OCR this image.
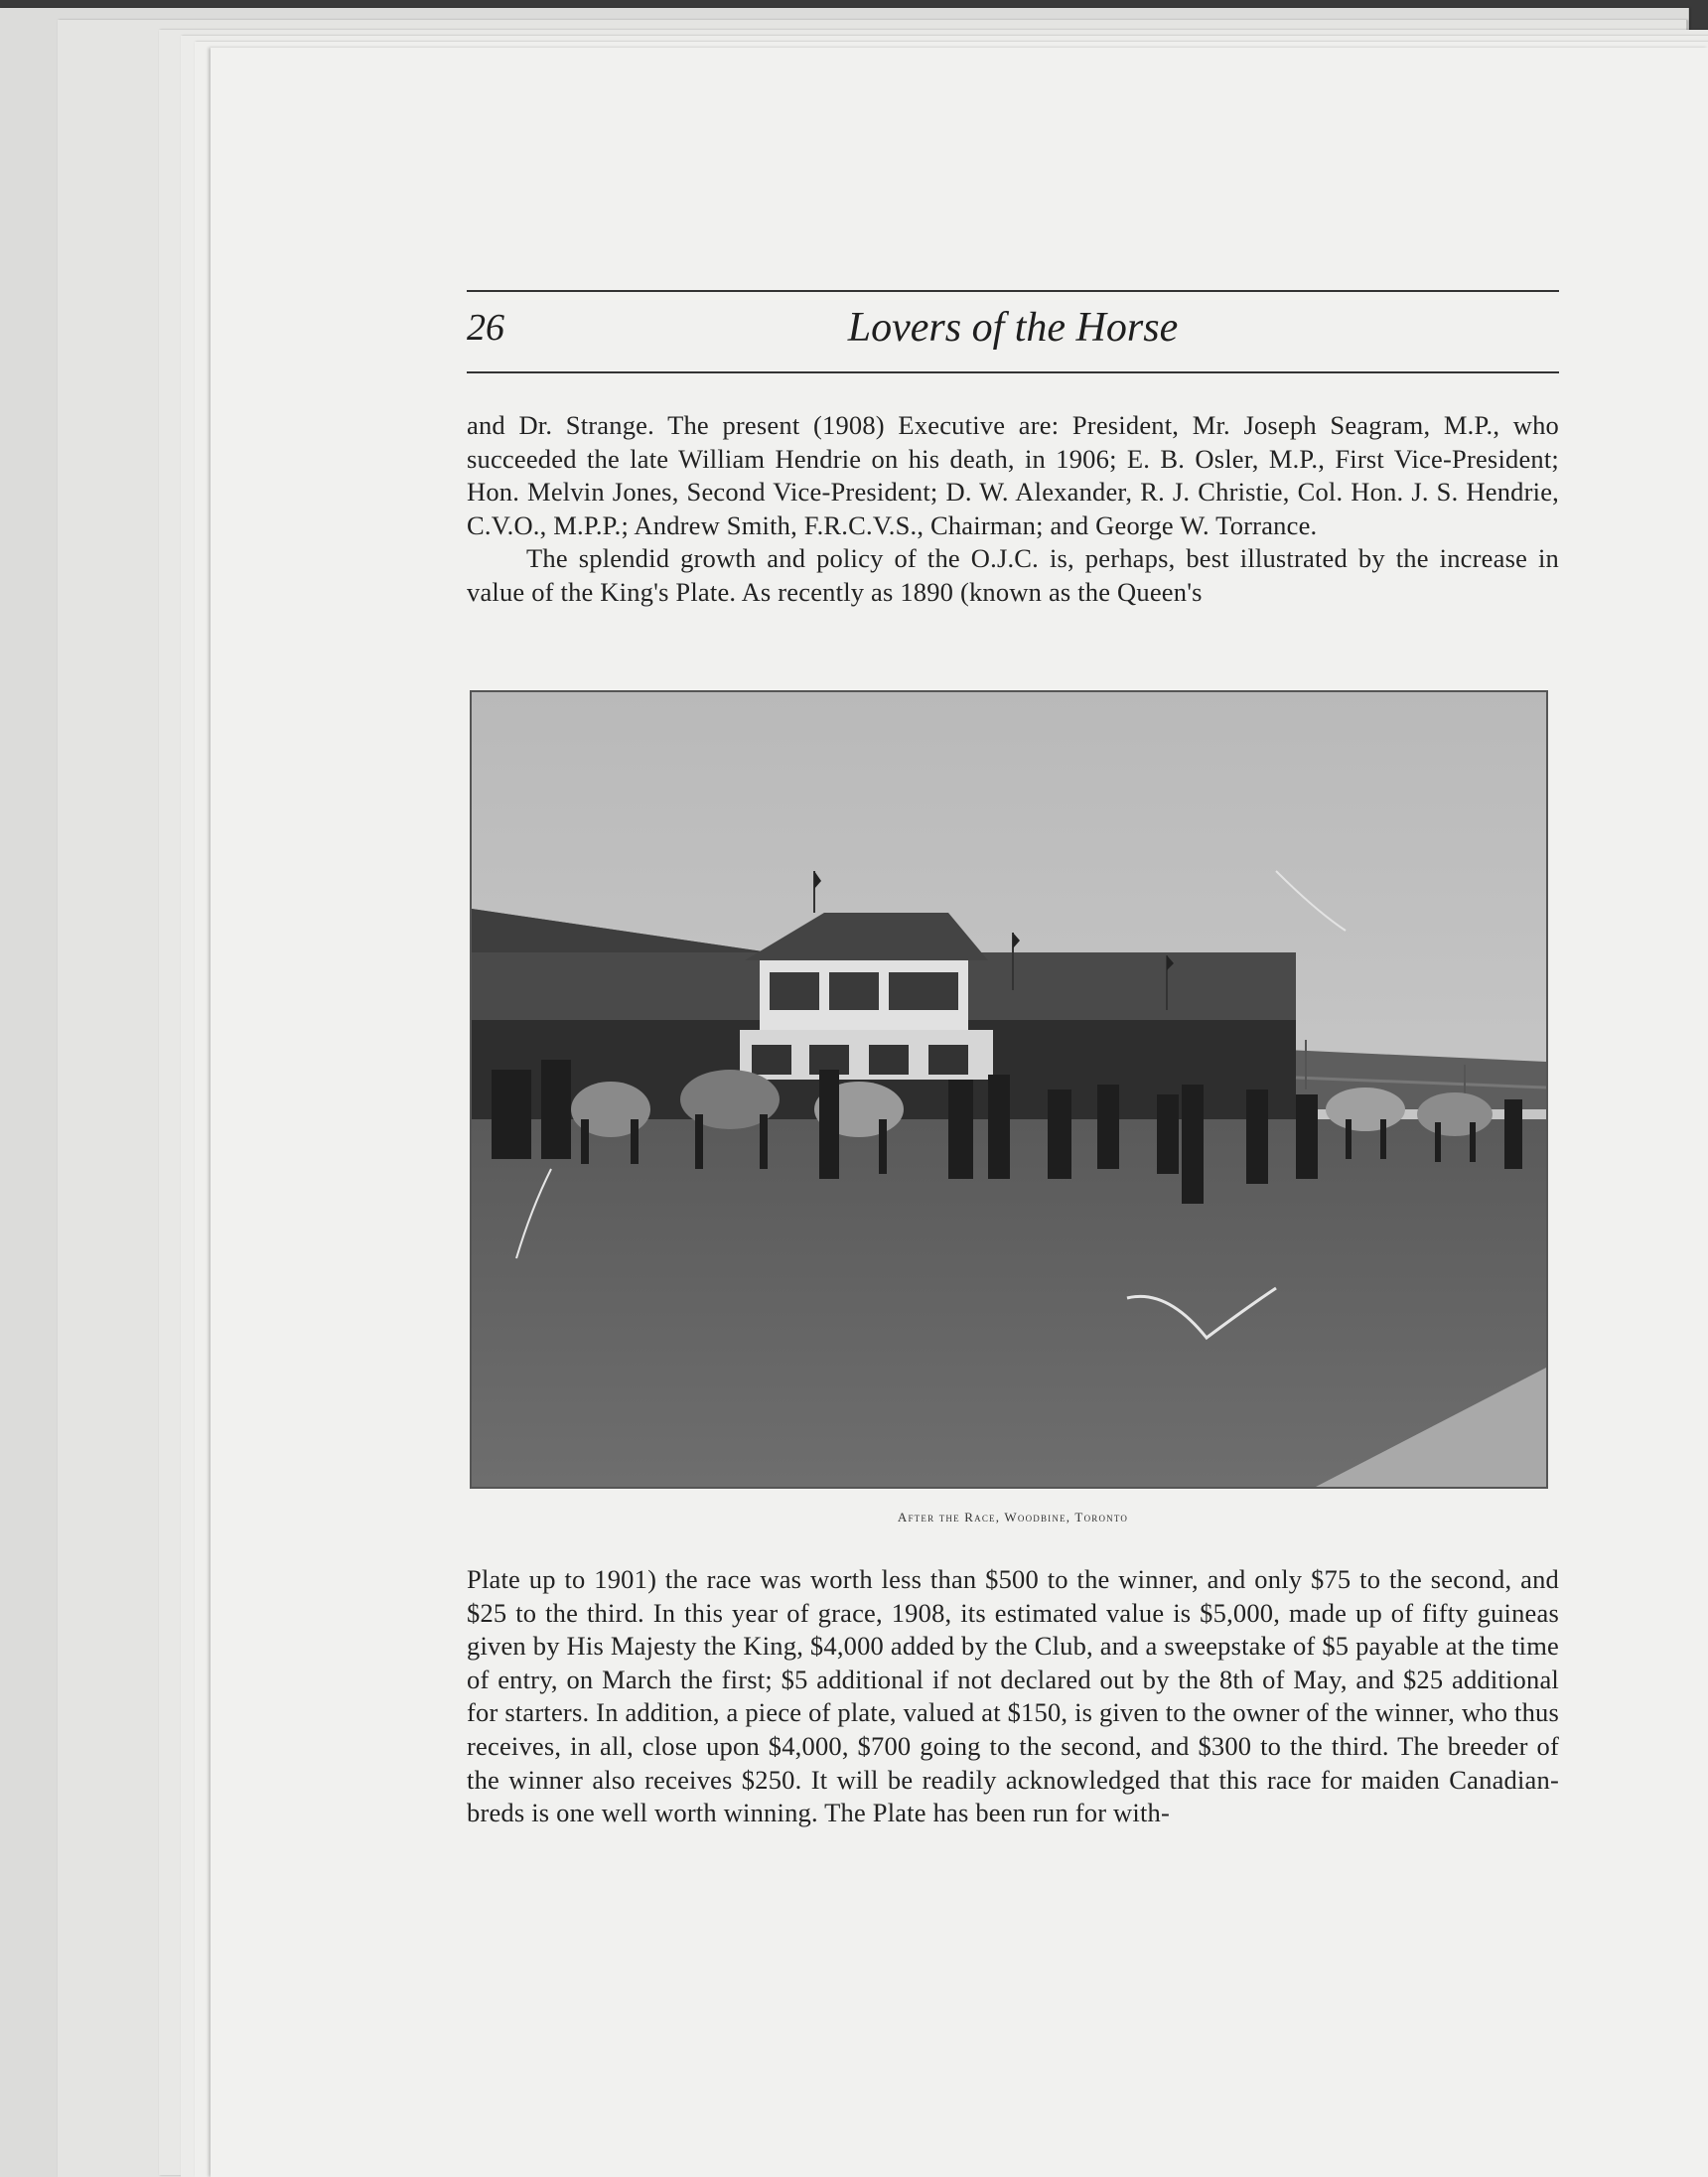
26	Lovers of the Horse

and Dr. Strange. The present (1908) Executive are: President, Mr. Joseph Seagram, M.P., who succeeded the late William Hendrie on his death, in 1906; E. B. Osler, M.P., First Vice-President; Hon. Melvin Jones, Second Vice-President; D. W. Alexander, R. J. Christie, Col. Hon. J. S. Hendrie, C.V.O., M.P.P.; Andrew Smith, F.R.C.V.S., Chairman; and George W. Torrance.

The splendid growth and policy of the O.J.C. is, perhaps, best illustrated by the increase in value of the King's Plate. As recently as 1890 (known as the Queen's

After the Race, Woodbine, Toronto

Plate up to 1901) the race was worth less than $500 to the winner, and only $75 to the second, and $25 to the third. In this year of grace, 1908, its estimated value is $5,000, made up of fifty guineas given by His Majesty the King, $4,000 added by the Club, and a sweepstake of $5 payable at the time of entry, on March the first; $5 additional if not declared out by the 8th of May, and $25 additional for starters. In addition, a piece of plate, valued at $150, is given to the owner of the winner, who thus receives, in all, close upon $4,000, $700 going to the second, and $300 to the third. The breeder of the winner also receives $250. It will be readily acknowledged that this race for maiden Canadian-breds is one well worth winning. The Plate has been run for with-
